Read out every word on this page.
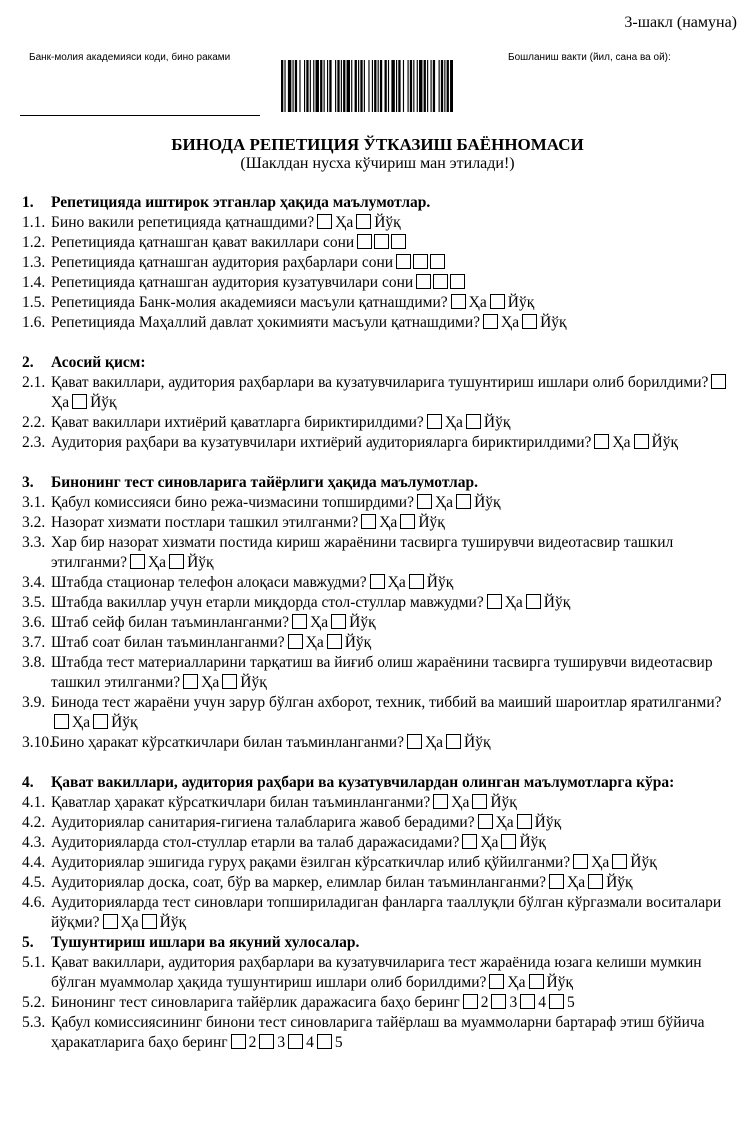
3-шакл (намуна)
Банк-молия академияси коди, бино раками	Бошланиш вакти (йил, сана ва ой):
БИНОДА РЕПЕТИЦИЯ ЎТКАЗИШ БАЁННОМАСИ
(Шаклдан нусха кўчириш ман этилади!)
1. Репетицияда иштирок этганлар ҳақида маълумотлар.
1.1. Бино вакили репетицияда қатнашдими? Ҳа Йўқ
1.2. Репетицияда қатнашган қават вакиллари сони
1.3. Репетицияда қатнашган аудитория раҳбарлари сони
1.4. Репетицияда қатнашган аудитория кузатувчилари сони
1.5. Репетицияда Банк-молия академияси масъули қатнашдими? Ҳа Йўқ
1.6. Репетицияда Маҳаллий давлат ҳокимияти масъули қатнашдими? Ҳа Йўқ
2. Асосий қисм:
2.1. Қават вакиллари, аудитория раҳбарлари ва кузатувчиларига тушунтириш ишлари олиб борилдими?Ҳа Йўқ
2.2. Қават вакиллари ихтиёрий қаватларга бириктирилдими? Ҳа Йўқ
2.3. Аудитория раҳбари ва кузатувчилари ихтиёрий аудиторияларга бириктирилдими? Ҳа Йўқ
3. Бинонинг тест синовларига тайёрлиги ҳақида маълумотлар.
3.1. Қабул комиссияси бино режа-чизмасини топширдими? Ҳа Йўқ
3.2. Назорат хизмати постлари ташкил этилганми? Ҳа Йўқ
3.3. Хар бир назорат хизмати постида кириш жараёнини тасвирга туширувчи видеотасвир ташкил этилганми? Ҳа Йўқ
3.4. Штабда стационар телефон алоқаси мавжудми? Ҳа Йўқ
3.5. Штабда вакиллар учун етарли миқдорда стол-стуллар мавжудми? Ҳа Йўқ
3.6. Штаб сейф билан таъминланганми? Ҳа Йўқ
3.7. Штаб соат билан таъминланганми? Ҳа Йўқ
3.8. Штабда тест материалларини тарқатиш ва йиғиб олиш жараёнини тасвирга туширувчи видеотасвир ташкил этилганми? Ҳа Йўқ
3.9. Бинода тест жараёни учун зарур бўлган ахборот, техник, тиббий ва маиший шароитлар яратилганми?Ҳа Йўқ
3.10.Бино ҳаракат кўрсаткичлари билан таъминланганми? Ҳа Йўқ
4. Қават вакиллари, аудитория раҳбари ва кузатувчилардан олинган маълумотларга кўра:
4.1. Қаватлар ҳаракат кўрсаткичлари билан таъминланганми? Ҳа Йўқ
4.2. Аудиториялар санитария-гигиена талабларига жавоб берадими? Ҳа Йўқ
4.3. Аудиторияларда стол-стуллар етарли ва талаб даражасидами? Ҳа Йўқ
4.4. Аудиториялар эшигида гуруҳ рақами ёзилган кўрсаткичлар илиб қўйилганми? Ҳа Йўқ
4.5. Аудиториялар доска, соат, бўр ва маркер, елимлар билан таъминланганми? Ҳа Йўқ
4.6. Аудиторияларда тест синовлари топшириладиган фанларга тааллуқли бўлган кўргазмали воситалари йўқми? Ҳа Йўқ
5. Тушунтириш ишлари ва якуний хулосалар.
5.1. Қават вакиллари, аудитория раҳбарлари ва кузатувчиларига тест жараёнида юзага келиши мумкин бўлган муаммолар ҳақида тушунтириш ишлари олиб борилдими? Ҳа Йўқ
5.2. Бинонинг тест синовларига тайёрлик даражасига баҳо беринг 2 3 4 5
5.3. Қабул комиссиясининг бинони тест синовларига тайёрлаш ва муаммоларни бартараф этиш бўйича ҳаракатларига баҳо беринг 2 3 4 5
